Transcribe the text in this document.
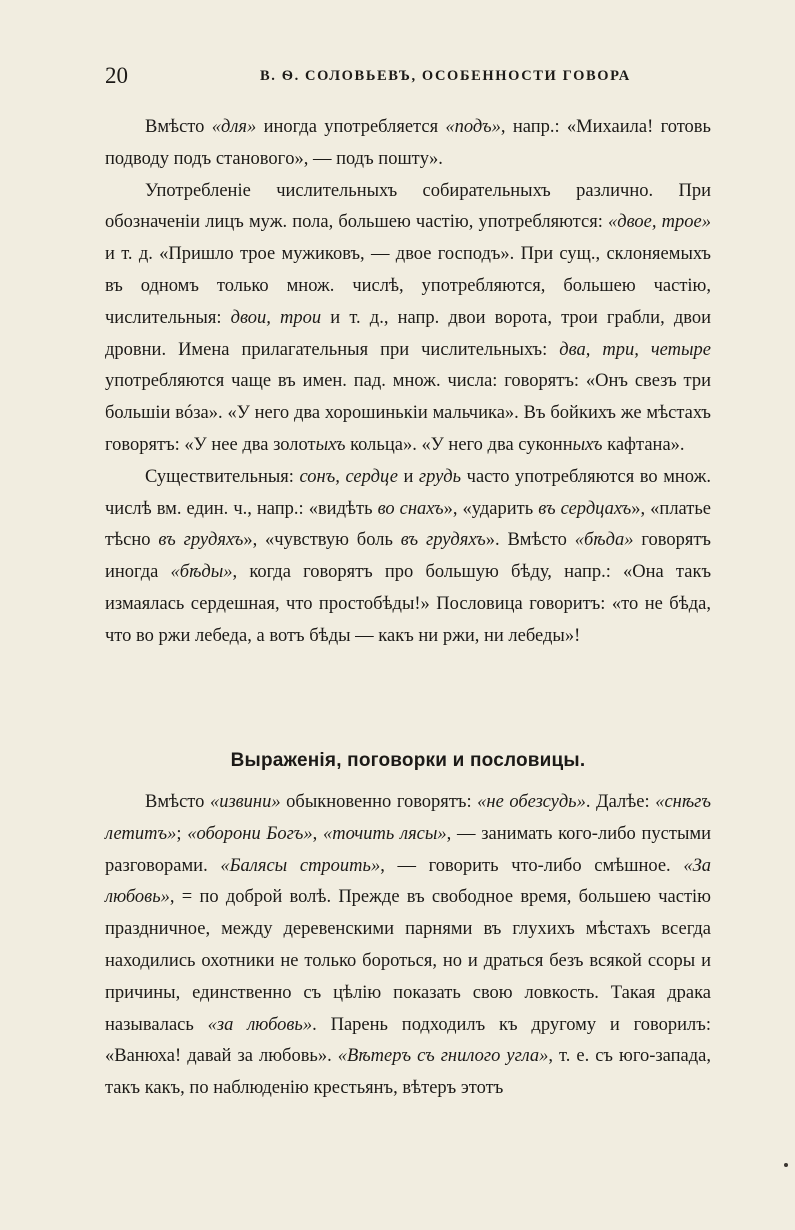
20	В. Ѳ. СОЛОВЬЕВЪ, ОСОБЕННОСТИ ГОВОРА

Вмѣсто «для» иногда употребляется «подъ», напр.: «Михаила! готовь подводу подъ становогo», — подъ пoштy».

Употребленіе числительныхъ собирательныхъ различно. При обозначеніи лицъ муж. пола, большею частію, употребляются: «двое, трое» и т. д. «Пришло трое мужиковъ, — двое господъ». При сущ., склоняемыхъ въ одномъ только множ. числѣ, употребляются, большею частію, числительныя: двои, трои и т. д., напр. двои ворота, трои грабли, двои дровни. Имена прилагательныя при числительныхъ: два, три, четыре употребляются чаще въ имен. пад. множ. числа: говорятъ: «Онъ свезъ три большіи вóза». «У него два хорошинькіи мальчика». Въ бойкихъ же мѣстахъ говорятъ: «У нее два золотыхъ кольца». «У него два суконныхъ кафтана».

Существительныя: сонъ, сердце и грудь часто употребляются во множ. числѣ вм. един. ч., напр.: «видѣть во снахъ», «ударить въ сердцахъ», «платье тѣсно въ грудяхъ», «чувствую боль въ грудяхъ». Вмѣсто «бѣда» говорятъ иногда «бѣды», когда говорятъ про большую бѣду, напр.: «Она такъ измаялась сердешная, что простобѣды!» Пословица говоритъ: «то не бѣда, что во ржи лебеда, а вотъ бѣды — какъ ни ржи, ни лебеды»!

Выраженія, поговорки и пословицы.

Вмѣсто «извини» обыкновенно говорятъ: «не обезсудь». Далѣе: «снѣгъ летитъ»; «оборони Богъ», «точить лясы», — занимать кого-либо пустыми разговорами. «Балясы строить», — говорить что-либо смѣшное. «За любовь», = по доброй волѣ. Прежде въ свободное время, большею частію праздничное, между деревенскими парнями въ глухихъ мѣстахъ всегда находились охотники не только бороться, но и драться безъ всякой ссоры и причины, единственно съ цѣлію показать свою ловкость. Такая драка называлась «за любовь». Парень подходилъ къ другому и говорилъ: «Ванюха! давай за любовь». «Вѣтеръ съ гнилого угла», т. е. съ юго-запада, такъ какъ, по наблюденію крестьянъ, вѣтеръ этотъ
